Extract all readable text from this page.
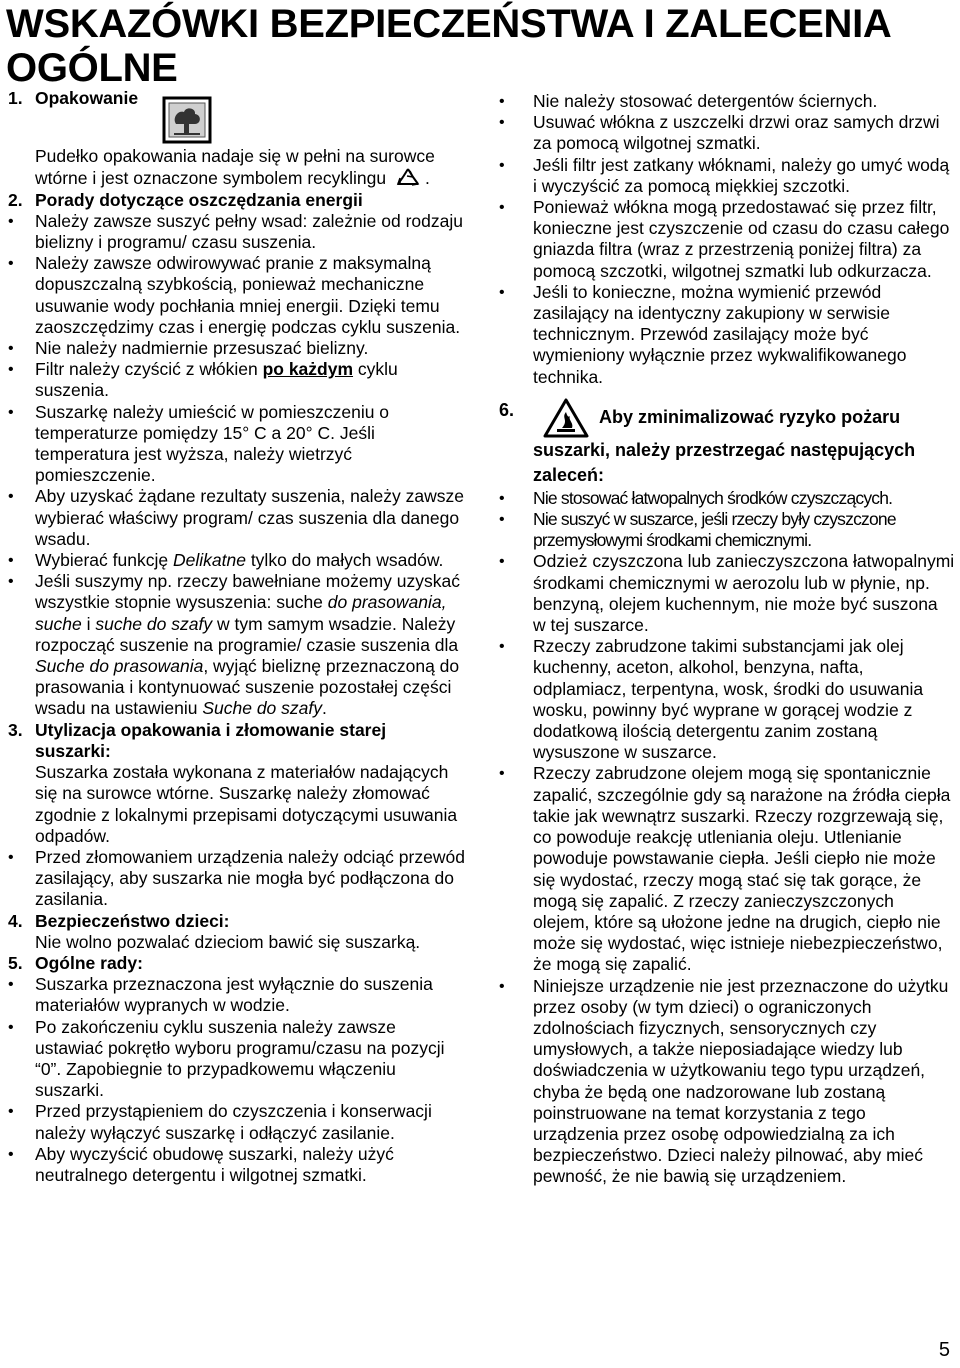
WSKAZÓWKI BEZPIECZEŃSTWA I ZALECENIA OGÓLNE
1. Opakowanie

Pudełko opakowania nadaje się w pełni na surowce wtórne i jest oznaczone symbolem recyklingu .

2. Porady dotyczące oszczędzania energii

• Należy zawsze suszyć pełny wsad: zależnie od rodzaju bielizny i programu/ czasu suszenia.

• Należy zawsze odwirowywać pranie z maksymalną dopuszczalną szybkością, ponieważ mechaniczne usuwanie wody pochłania mniej energii. Dzięki temu zaoszczędzimy czas i energię podczas cyklu suszenia.

• Nie należy nadmiernie przesuszać bielizny.

• Filtr należy czyścić z włókien po każdym cyklu suszenia.

• Suszarkę należy umieścić w pomieszczeniu o temperaturze pomiędzy 15° C a 20° C. Jeśli temperatura jest wyższa, należy wietrzyć pomieszczenie.

• Aby uzyskać żądane rezultaty suszenia, należy zawsze wybierać właściwy program/ czas suszenia dla danego wsadu.

• Wybierać funkcję Delikatne tylko do małych wsadów.

• Jeśli suszymy np. rzeczy bawełniane możemy uzyskać wszystkie stopnie wysuszenia: suche do prasowania, suche i suche do szafy w tym samym wsadzie. Należy rozpocząć suszenie na programie/ czasie suszenia dla Suche do prasowania, wyjąć bieliznę przeznaczoną do prasowania i kontynuować suszenie pozostałej części wsadu na ustawieniu Suche do szafy.

3. Utylizacja opakowania i złomowanie starej suszarki:

Suszarka została wykonana z materiałów nadających się na surowce wtórne. Suszarkę należy złomować zgodnie z lokalnymi przepisami dotyczącymi usuwania odpadów.

• Przed złomowaniem urządzenia należy odciąć przewód zasilający, aby suszarka nie mogła być podłączona do zasilania.

4. Bezpieczeństwo dzieci:

Nie wolno pozwalać dzieciom bawić się suszarką.

5. Ogólne rady:

• Suszarka przeznaczona jest wyłącznie do suszenia materiałów wypranych w wodzie.

• Po zakończeniu cyklu suszenia należy zawsze ustawiać pokrętło wyboru programu/czasu na pozycji “0”. Zapobiegnie to przypadkowemu włączeniu suszarki.

• Przed przystąpieniem do czyszczenia i konserwacji należy wyłączyć suszarkę i odłączyć zasilanie.

• Aby wyczyścić obudowę suszarki, należy użyć neutralnego detergentu i wilgotnej szmatki.

• Nie należy stosować detergentów ściernych.

• Usuwać włókna z uszczelki drzwi oraz samych drzwi za pomocą wilgotnej szmatki.

• Jeśli filtr jest zatkany włóknami, należy go umyć wodą i wyczyścić za pomocą miękkiej szczotki.

• Ponieważ włókna mogą przedostawać się przez filtr, konieczne jest czyszczenie od czasu do czasu całego gniazda filtra (wraz z przestrzenią poniżej filtra) za pomocą szczotki, wilgotnej szmatki lub odkurzacza.

• Jeśli to konieczne, można wymienić przewód zasilający na identyczny zakupiony w serwisie technicznym. Przewód zasilający może być wymieniony wyłącznie przez wykwalifikowanego technika.

6.	Aby zminimalizować ryzyko pożaru
suszarki, należy przestrzegać następujących zaleceń:

• Nie stosować łatwopalnych środków czyszczących.

• Nie suszyć w suszarce, jeśli rzeczy były czyszczone przemysłowymi środkami chemicznymi.

• Odzież czyszczona lub zanieczyszczona łatwopalnymi środkami chemicznymi w aerozolu lub w płynie, np. benzyną, olejem kuchennym, nie może być suszona w tej suszarce.

• Rzeczy zabrudzone takimi substancjami jak olej kuchenny, aceton, alkohol, benzyna, nafta, odplamiacz, terpentyna, wosk, środki do usuwania wosku, powinny być wyprane w gorącej wodzie z dodatkową ilością detergentu zanim zostaną wysuszone w suszarce.

• Rzeczy zabrudzone olejem mogą się spontanicznie zapalić, szczególnie gdy są narażone na źródła ciepła takie jak wewnątrz suszarki. Rzeczy rozgrzewają się, co powoduje reakcję utleniania oleju. Utlenianie powoduje powstawanie ciepła. Jeśli ciepło nie może się wydostać, rzeczy mogą stać się tak gorące, że mogą się zapalić. Z rzeczy zanieczyszczonych olejem, które są ułożone jedne na drugich, ciepło nie może się wydostać, więc istnieje niebezpieczeństwo, że mogą się zapalić.

• Niniejsze urządzenie nie jest przeznaczone do użytku przez osoby (w tym dzieci) o ograniczonych zdolnościach fizycznych, sensorycznych czy umysłowych, a także nieposiadające wiedzy lub doświadczenia w użytkowaniu tego typu urządzeń, chyba że będą one nadzorowane lub zostaną poinstruowane na temat korzystania z tego urządzenia przez osobę odpowiedzialną za ich bezpieczeństwo. Dzieci należy pilnować, aby mieć pewność, że nie bawią się urządzeniem.

5
